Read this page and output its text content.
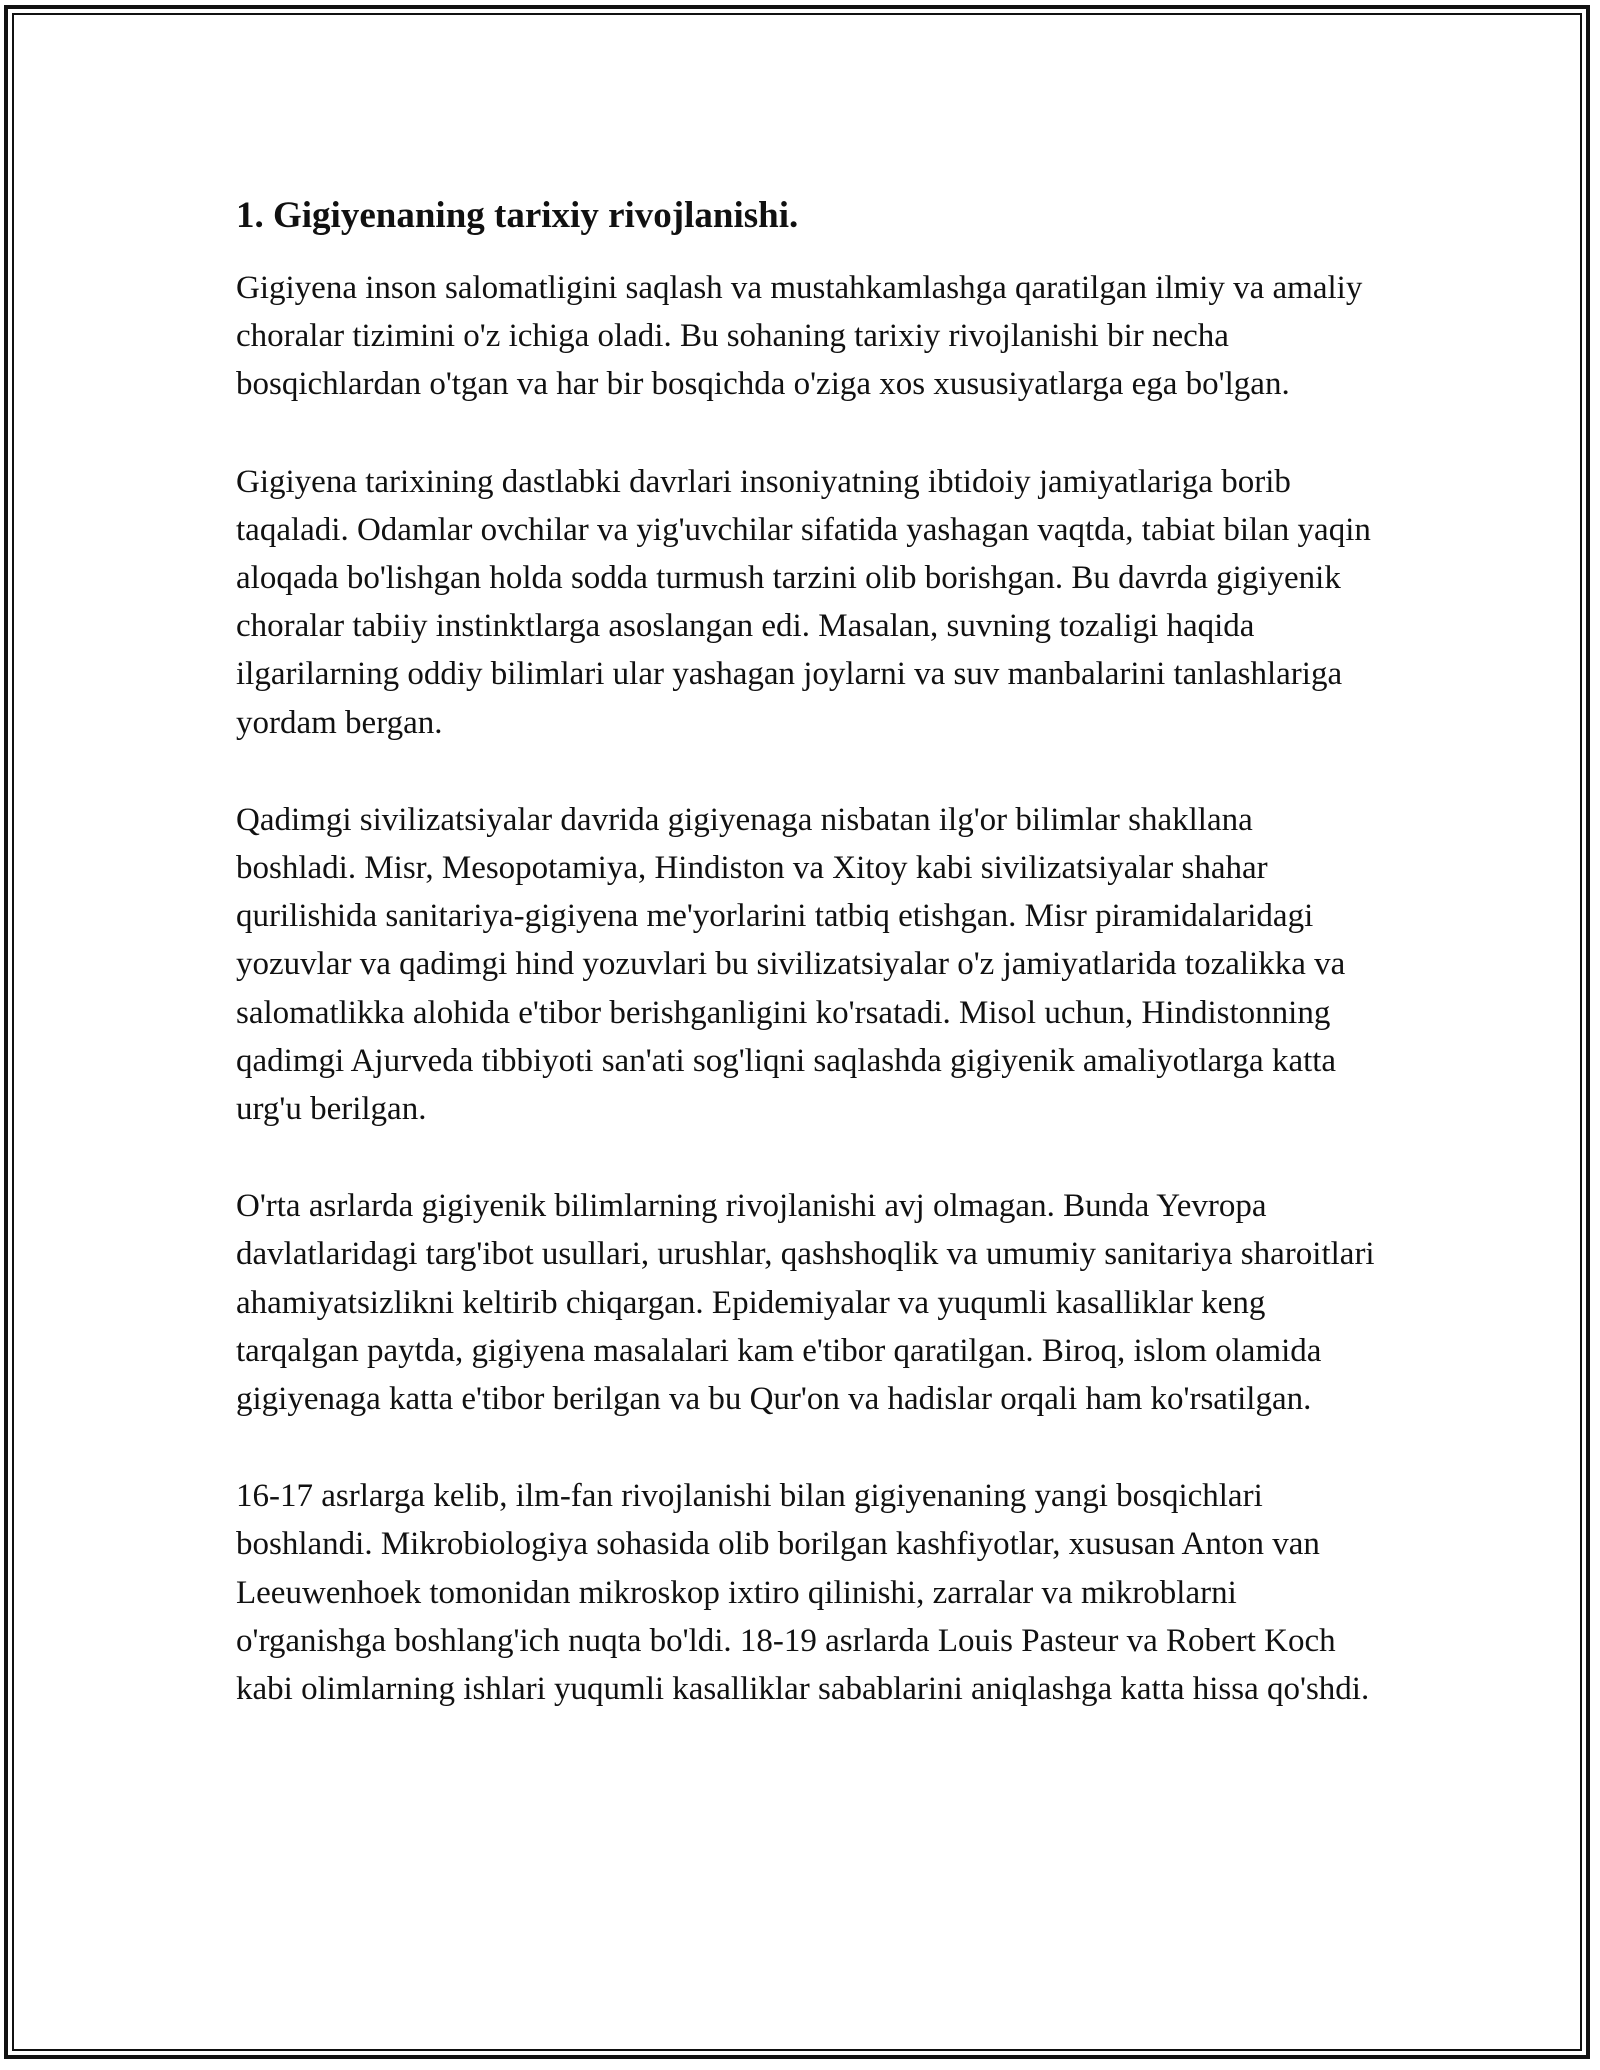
1. Gigiyenaning tarixiy rivojlanishi.

Gigiyena inson salomatligini saqlash va mustahkamlashga qaratilgan ilmiy va amaliy choralar tizimini o'z ichiga oladi. Bu sohaning tarixiy rivojlanishi bir necha bosqichlardan o'tgan va har bir bosqichda o'ziga xos xususiyatlarga ega bo'lgan.

Gigiyena tarixining dastlabki davrlari insoniyatning ibtidoiy jamiyatlariga borib taqaladi. Odamlar ovchilar va yig'uvchilar sifatida yashagan vaqtda, tabiat bilan yaqin aloqada bo'lishgan holda sodda turmush tarzini olib borishgan. Bu davrda gigiyenik choralar tabiiy instinktlarga asoslangan edi. Masalan, suvning tozaligi haqida ilgarilarning oddiy bilimlari ular yashagan joylarni va suv manbalarini tanlashlariga yordam bergan.

Qadimgi sivilizatsiyalar davrida gigiyenaga nisbatan ilg'or bilimlar shakllana boshladi. Misr, Mesopotamiya, Hindiston va Xitoy kabi sivilizatsiyalar shahar qurilishida sanitariya-gigiyena me'yorlarini tatbiq etishgan. Misr piramidalaridagi yozuvlar va qadimgi hind yozuvlari bu sivilizatsiyalar o'z jamiyatlarida tozalikka va salomatlikka alohida e'tibor berishganligini ko'rsatadi. Misol uchun, Hindistonning qadimgi Ajurveda tibbiyoti san'ati sog'liqni saqlashda gigiyenik amaliyotlarga katta urg'u berilgan.

O'rta asrlarda gigiyenik bilimlarning rivojlanishi avj olmagan. Bunda Yevropa davlatlaridagi targ'ibot usullari, urushlar, qashshoqlik va umumiy sanitariya sharoitlari ahamiyatsizlikni keltirib chiqargan. Epidemiyalar va yuqumli kasalliklar keng tarqalgan paytda, gigiyena masalalari kam e'tibor qaratilgan. Biroq, islom olamida gigiyenaga katta e'tibor berilgan va bu Qur'on va hadislar orqali ham ko'rsatilgan.

16-17 asrlarga kelib, ilm-fan rivojlanishi bilan gigiyenaning yangi bosqichlari boshlandi. Mikrobiologiya sohasida olib borilgan kashfiyotlar, xususan Anton van Leeuwenhoek tomonidan mikroskop ixtiro qilinishi, zarralar va mikroblarni o'rganishga boshlang'ich nuqta bo'ldi. 18-19 asrlarda Louis Pasteur va Robert Koch kabi olimlarning ishlari yuqumli kasalliklar sabablarini aniqlashga katta hissa qo'shdi.
